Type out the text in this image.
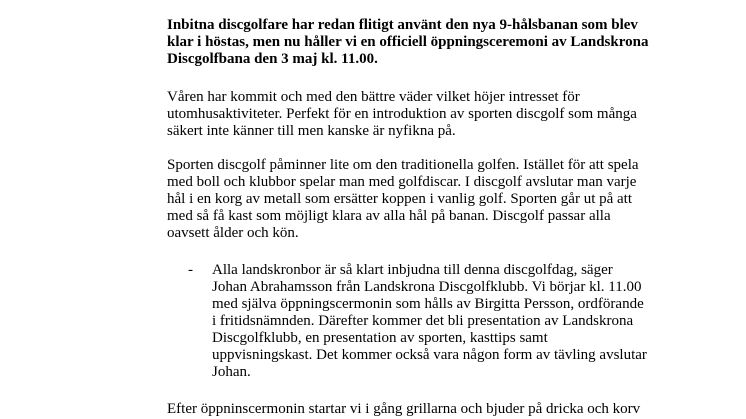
Inbitna discgolfare har redan flitigt använt den nya 9-hålsbanan som blev

klar i höstas, men nu håller vi en officiell öppningsceremoni av Landskrona

Discgolfbana den 3 maj kl. 11.00.

Våren har kommit och med den bättre väder vilket höjer intresset för

utomhusaktiviteter. Perfekt för en introduktion av sporten discgolf som många

säkert inte känner till men kanske är nyfikna på.

Sporten discgolf påminner lite om den traditionella golfen. Istället för att spela

med boll och klubbor spelar man med golfdiscar. I discgolf avslutar man varje

hål i en korg av metall som ersätter koppen i vanlig golf. Sporten går ut på att

med så få kast som möjligt klara av alla hål på banan. Discgolf passar alla

oavsett ålder och kön.

- Alla landskronbor är så klart inbjudna till denna discgolfdag, säger

Johan Abrahamsson från Landskrona Discgolfklubb. Vi börjar kl. 11.00

med själva öppningscermonin som hålls av Birgitta Persson, ordförande

i fritidsnämnden. Därefter kommer det bli presentation av Landskrona

Discgolfklubb, en presentation av sporten, kasttips samt

uppvisningskast. Det kommer också vara någon form av tävling avslutar

Johan.

Efter öppninscermonin startar vi i gång grillarna och bjuder på dricka och korv
